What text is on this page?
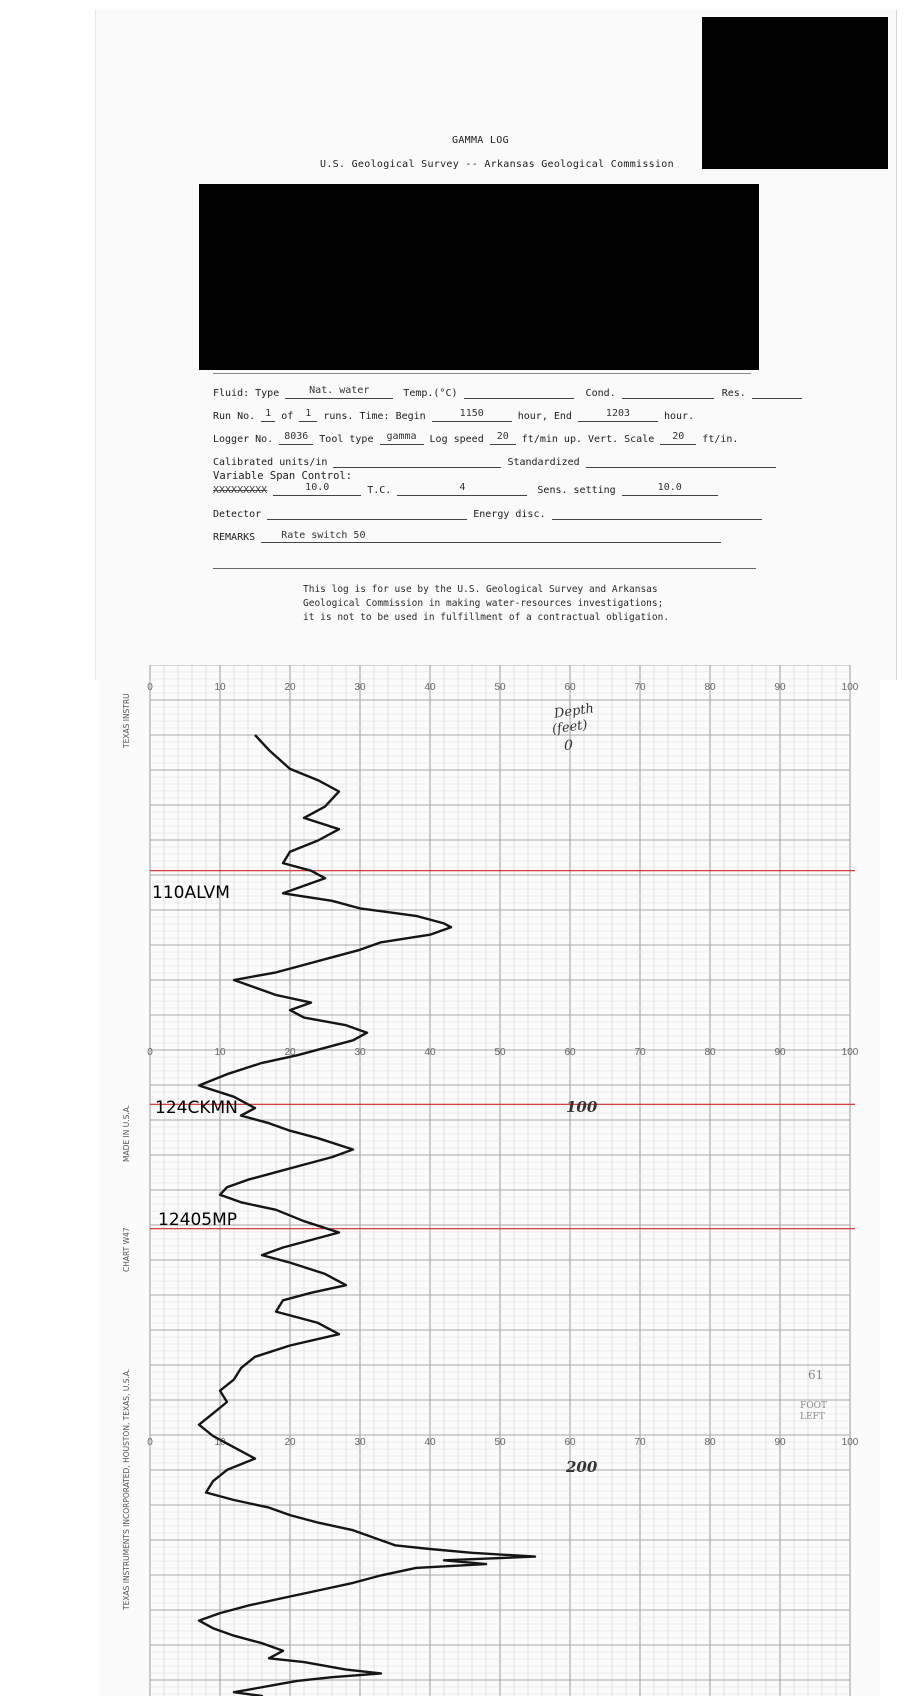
GAMMA LOG
U.S. Geological Survey -- Arkansas Geological Commission
Fluid: Type	Nat. water	Temp.(°C)	Cond.	Res.
Run No. 1 of 1 runs. Time: Begin	1150	hour, End	1203	hour.
Logger No. 8036 Tool type gamma Log speed 20 ft/min up. Vert. Scale 20 ft/in.
Calibrated units/in	Standardized
Variable Span Control:
XXXXXXXXX	10.0	T.C.	4	Sens. setting	10.0
Detector	Energy disc.
REMARKS	Rate switch 50
This log is for use by the U.S. Geological Survey and Arkansas
Geological Commission in making water-resources investigations;
it is not to be used in fulfillment of a contractual obligation.
0	10	20	30	40	50	60	70	80	90	100
0	10	20	30	40	50	60	70	80	90	100
0	10	20	30	40	50	60	70	80	90	100
TEXAS INSTRU
MADE IN U.S.A.
CHART W47
TEXAS INSTRUMENTS INCORPORATED, HOUSTON, TEXAS, U.S.A.
Depth
(feet)
0
100
200
61
FOOT
LEFT
110ALVM
124CKMN
12405MP
